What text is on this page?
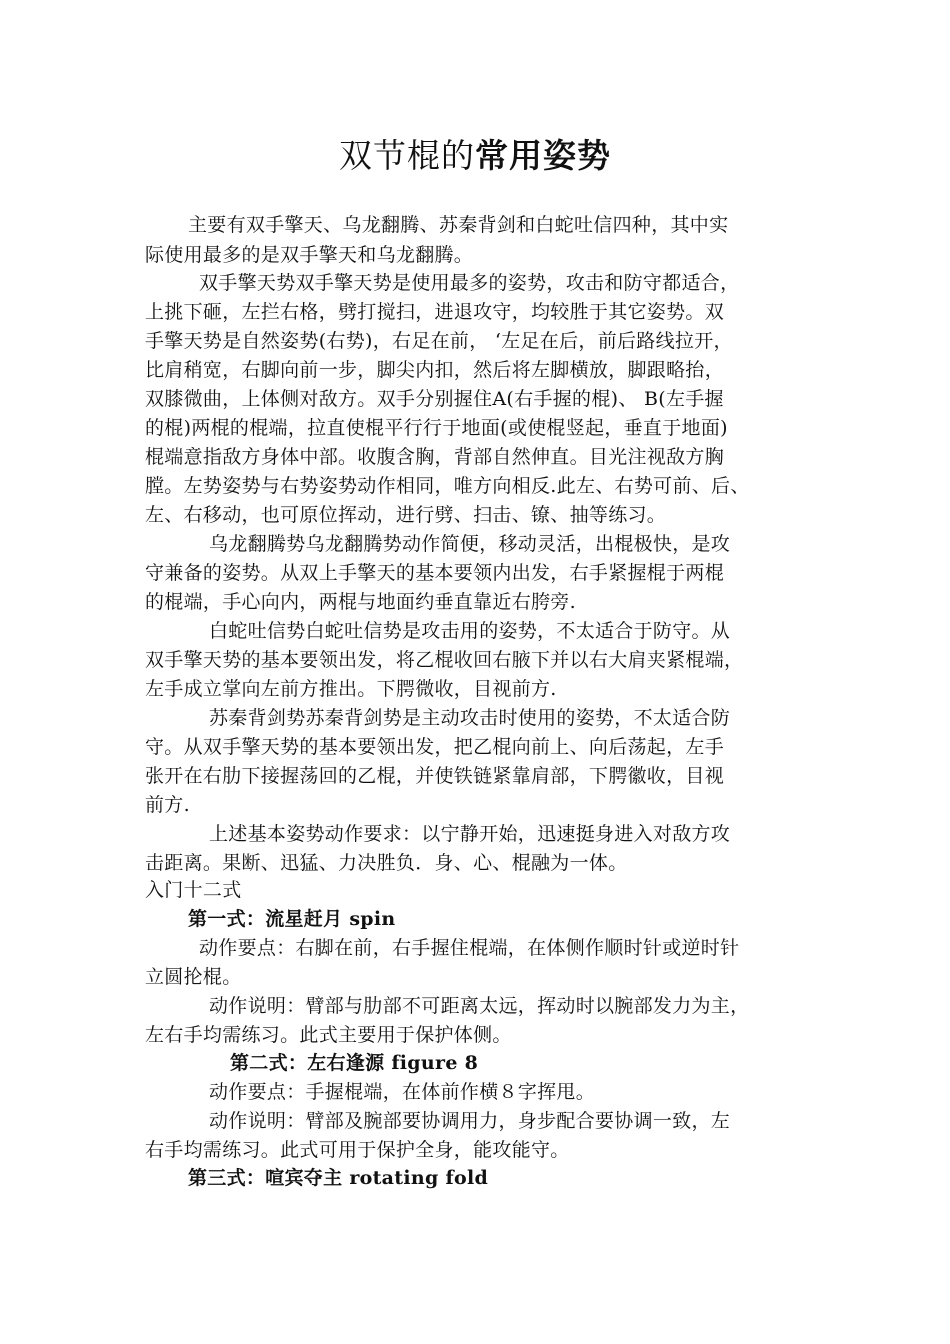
双节棍的常用姿势
主要有双手擎天、乌龙翻腾、苏秦背剑和白蛇吐信四种，其中实
际使用最多的是双手擎天和乌龙翻腾。
双手擎天势双手擎天势是使用最多的姿势，攻击和防守都适合，
上挑下砸，左拦右格，劈打搅扫，进退攻守，均较胜于其它姿势。双
手擎天势是自然姿势(右势)，右足在前， ‘左足在后，前后路线拉开，
比肩稍宽，右脚向前一步，脚尖内扣，然后将左脚横放，脚跟略抬，
双膝微曲，上体侧对敌方。双手分别握住A(右手握的棍)、 B(左手握
的棍)两棍的棍端，拉直使棍平行行于地面(或使棍竖起，垂直于地面)
棍端意指敌方身体中部。收腹含胸，背部自然伸直。目光注视敌方胸
膛。左势姿势与右势姿势动作相同，唯方向相反.此左、右势可前、后、
左、右移动，也可原位挥动，进行劈、扫击、镣、抽等练习。
乌龙翻腾势乌龙翻腾势动作简便，移动灵活，出棍极快，是攻
守兼备的姿势。从双上手擎天的基本要领内出发，右手紧握棍于两棍
的棍端，手心向内，两棍与地面约垂直靠近右胯旁.
白蛇吐信势白蛇吐信势是攻击用的姿势，不太适合于防守。从
双手擎天势的基本要领出发，将乙棍收回右腋下并以右大肩夹紧棍端，
左手成立掌向左前方推出。下腭微收，目视前方.
苏秦背剑势苏秦背剑势是主动攻击时使用的姿势，不太适合防
守。从双手擎天势的基本要领出发，把乙棍向前上、向后荡起，左手
张开在右肋下接握荡回的乙棍，并使铁链紧靠肩部，下腭徽收，目视
前方.
上述基本姿势动作要求：以宁静开始，迅速挺身进入对敌方攻
击距离。果断、迅猛、力决胜负．身、心、棍融为一体。
入门十二式
第一式：流星赶月 spin
动作要点：右脚在前，右手握住棍端，在体侧作顺时针或逆时针
立圆抡棍。
动作说明：臂部与肋部不可距离太远，挥动时以腕部发力为主，
左右手均需练习。此式主要用于保护体侧。
第二式：左右逢源 figure 8
动作要点：手握棍端，在体前作横８字挥甩。
动作说明：臂部及腕部要协调用力，身步配合要协调一致，左
右手均需练习。此式可用于保护全身，能攻能守。
第三式：喧宾夺主 rotating fold
